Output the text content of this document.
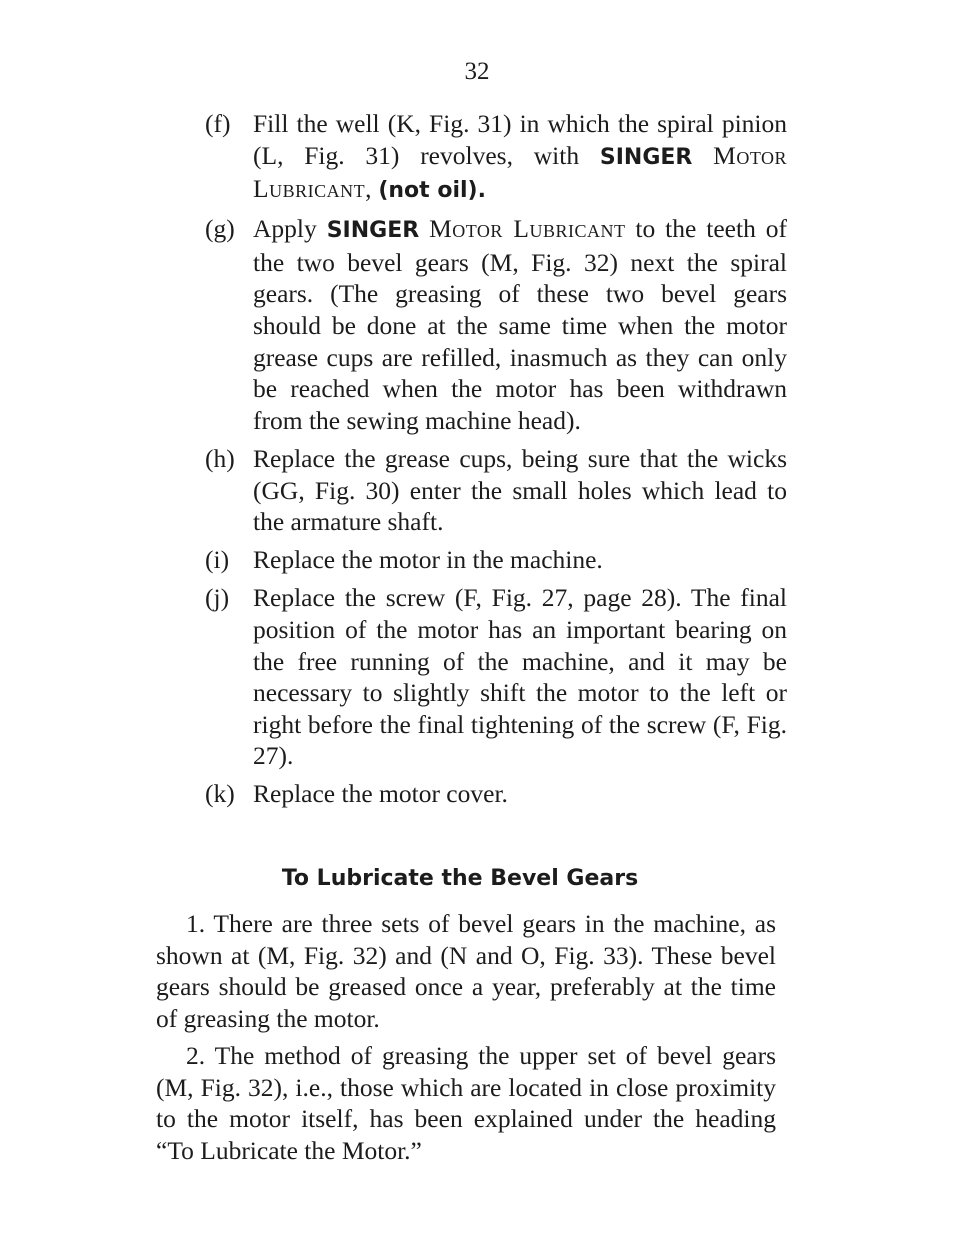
32
(f) Fill the well (K, Fig. 31) in which the spiral pinion (L, Fig. 31) revolves, with SINGER Motor Lubricant, (not oil).
(g) Apply SINGER Motor Lubricant to the teeth of the two bevel gears (M, Fig. 32) next the spiral gears. (The greasing of these two bevel gears should be done at the same time when the motor grease cups are refilled, inasmuch as they can only be reached when the motor has been withdrawn from the sewing machine head).
(h) Replace the grease cups, being sure that the wicks (GG, Fig. 30) enter the small holes which lead to the armature shaft.
(i) Replace the motor in the machine.
(j) Replace the screw (F, Fig. 27, page 28). The final position of the motor has an important bearing on the free running of the machine, and it may be necessary to slightly shift the motor to the left or right before the final tightening of the screw (F, Fig. 27).
(k) Replace the motor cover.
To Lubricate the Bevel Gears

1. There are three sets of bevel gears in the machine, as shown at (M, Fig. 32) and (N and O, Fig. 33). These bevel gears should be greased once a year, preferably at the time of greasing the motor.

2. The method of greasing the upper set of bevel gears (M, Fig. 32), i.e., those which are located in close proximity to the motor itself, has been explained under the heading “To Lubricate the Motor.”
